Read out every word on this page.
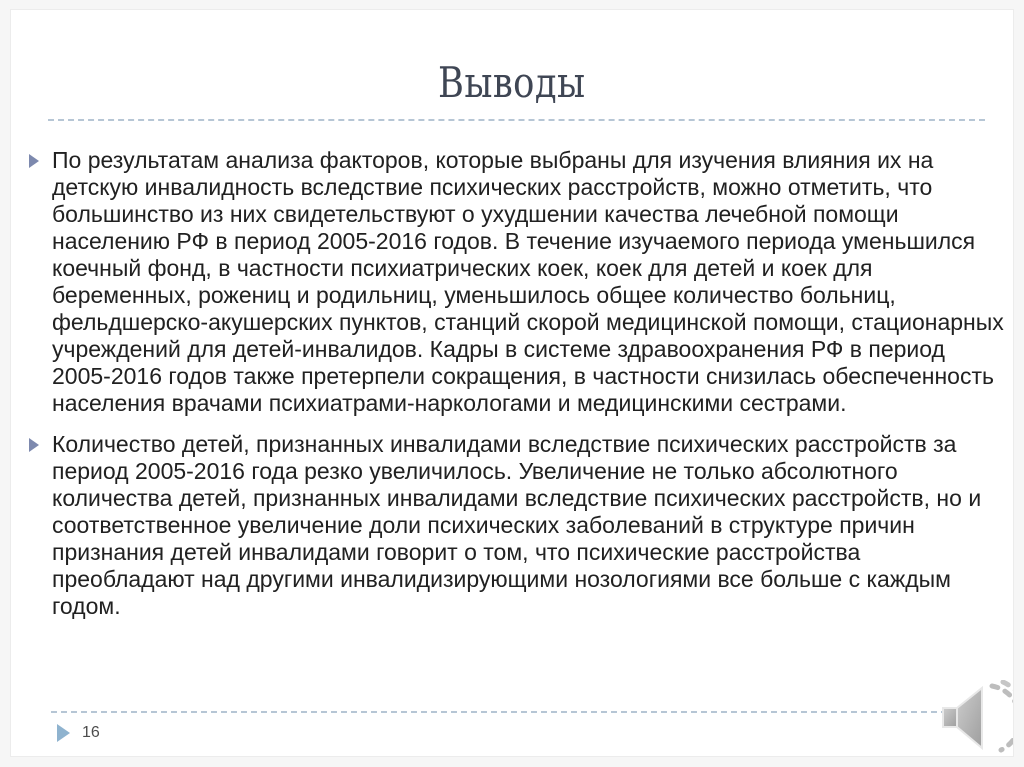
Выводы

По результатам анализа факторов, которые выбраны для изучения влияния их на детскую инвалидность вследствие психических расстройств, можно отметить, что большинство из них свидетельствуют о ухудшении качества лечебной помощи населению РФ в период 2005-2016 годов. В течение изучаемого периода уменьшился коечный фонд, в частности психиатрических коек, коек для детей и коек для беременных, рожениц и родильниц, уменьшилось общее количество больниц, фельдшерско-акушерских пунктов, станций скорой медицинской помощи, стационарных учреждений для детей-инвалидов. Кадры в системе здравоохранения РФ в период 2005-2016 годов также претерпели сокращения, в частности снизилась обеспеченность населения врачами психиатрами-наркологами и медицинскими сестрами.

Количество детей, признанных инвалидами вследствие психических расстройств за период 2005-2016 года резко увеличилось. Увеличение не только абсолютного количества детей, признанных инвалидами вследствие психических расстройств, но и соответственное увеличение доли психических заболеваний в структуре причин признания детей инвалидами говорит о том, что психические расстройства преобладают над другими инвалидизирующими нозологиями все больше с каждым годом.

16
